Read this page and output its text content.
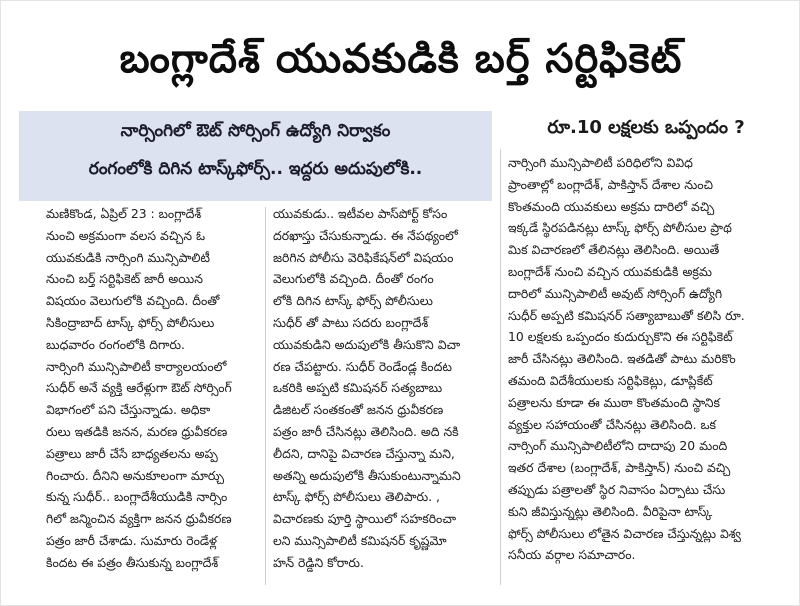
బంగ్లాదేశ్ యువకుడికి బర్త్ సర్టిఫికెట్
నార్సింగిలో ఔట్ సోర్సింగ్ ఉద్యోగి నిర్వాకం
రంగంలోకి దిగిన టాస్క్‌ఫోర్స్.. ఇద్దరు అదుపులోకి..
రూ.10 లక్షలకు ఒప్పందం ?

మణికొండ, ఏప్రిల్ 23 : బంగ్లాదేశ్

నుంచి అక్రమంగా వలస వచ్చిన ఓ

యువకుడికి నార్సింగి మున్సిపాలిటీ

నుంచి బర్త్ సర్టిఫికెట్ జారీ అయిన

విషయం వెలుగులోకి వచ్చింది. దీంతో

సికింద్రాబాద్ టాస్క్ ఫోర్స్ పోలీసులు

బుధవారం రంగంలోకి దిగారు.

నార్సింగి మున్సిపాలిటీ కార్యాలయంలో

సుధీర్ అనే వ్యక్తి ఆరేళ్లుగా ఔట్ సోర్సింగ్

విభాగంలో పని చేస్తున్నాడు. అధికా

రులు ఇతడికి జనన, మరణ ధ్రువీకరణ

పత్రాలు జారీ చేసే బాధ్యతలను అప్ప

గించారు. దీనిని అనుకూలంగా మార్చు

కున్న సుధీర్.. బంగ్లాదేశీయుడికి నార్సిం

గిలో జన్మించిన వ్యక్తిగా జనన ధ్రువీకరణ

పత్రం జారీ చేశాడు. సుమారు రెండేళ్ల

కిందట ఈ పత్రం తీసుకున్న బంగ్లాదేశ్

యువకుడు.. ఇటీవల పాస్‌పోర్ట్ కోసం

దరఖాస్తు చేసుకున్నాడు. ఈ నేపథ్యంలో

జరిగిన పోలీసు వెరిఫికేషన్‌లో విషయం

వెలుగులోకి వచ్చింది. దీంతో రంగం

లోకి దిగిన టాస్క్ ఫోర్స్ పోలీసులు

సుధీర్ తో పాటు సదరు బంగ్లాదేశ్

యువకుడిని అదుపులోకి తీసుకొని విచా

రణ చేపట్టారు. సుధీర్ రెండేండ్ల కిందట

ఒకరికి అప్పటి కమిషనర్ సత్యబాబు

డిజిటల్ సంతకంతో జనన ధ్రువీకరణ

పత్రం జారీ చేసినట్లు తెలిసింది. అది నకి

లీదని, దానిపై విచారణ చేస్తున్నా మని,

అతన్ని అదుపులోకి తీసుకుంటున్నామని

టాస్క్ ఫోర్స్ పోలీసులు తెలిపారు. ,

విచారణకు పూర్తి స్థాయిలో సహకరించా

లని మున్సిపాలిటీ కమిషనర్ కృష్ణమో

హన్ రెడ్డిని కోరారు.

నార్సింగి మున్సిపాలిటీ పరిధిలోని వివిధ

ప్రాంతాల్లో బంగ్లాదేశ్, పాకిస్తాన్ దేశాల నుంచి

కొంతమంది యువకులు అక్రమ దారిలో వచ్చి

ఇక్కడే స్థిరపడినట్లు టాస్క్ ఫోర్స్ పోలీసుల ప్రాథ

మిక విచారణలో తేలినట్లు తెలిసింది. అయితే

బంగ్లాదేశ్ నుంచి వచ్చిన యువకుడికి అక్రమ

దారిలో మున్సిపాలిటీ అవుట్ సోర్సింగ్ ఉద్యోగి

సుధీర్ అప్పటి కమిషనర్ సత్యాబాబుతో కలిసి రూ.

10 లక్షలకు ఒప్పందం కుదుర్చుకొని ఈ సర్టిఫికెట్

జారీ చేసినట్లు తెలిసింది. ఇతడితో పాటు మరికొం

తమంది విదేశీయులకు సర్టిఫికెట్లు, డూప్లికేట్

పత్రాలను కూడా ఈ ముఠా కొంతమంది స్థానిక

వ్యక్తుల సహాయంతో చేసినట్లు తెలిసింది. ఒక

నార్సింగ్ మున్సిపాలిటీలోని దాదాపు 20 మంది

ఇతర దేశాల (బంగ్లాదేశ్, పాకిస్తాన్) నుంచి వచ్చి

తప్పుడు పత్రాలతో స్థిర నివాసం ఏర్పాటు చేసు

కుని జీవిస్తున్నట్లు తెలిసింది. వీరిపైనా టాస్క్

ఫోర్స్ పోలీసులు లోతైన విచారణ చేస్తున్నట్లు విశ్వ

సనీయ వర్గాల సమాచారం.
